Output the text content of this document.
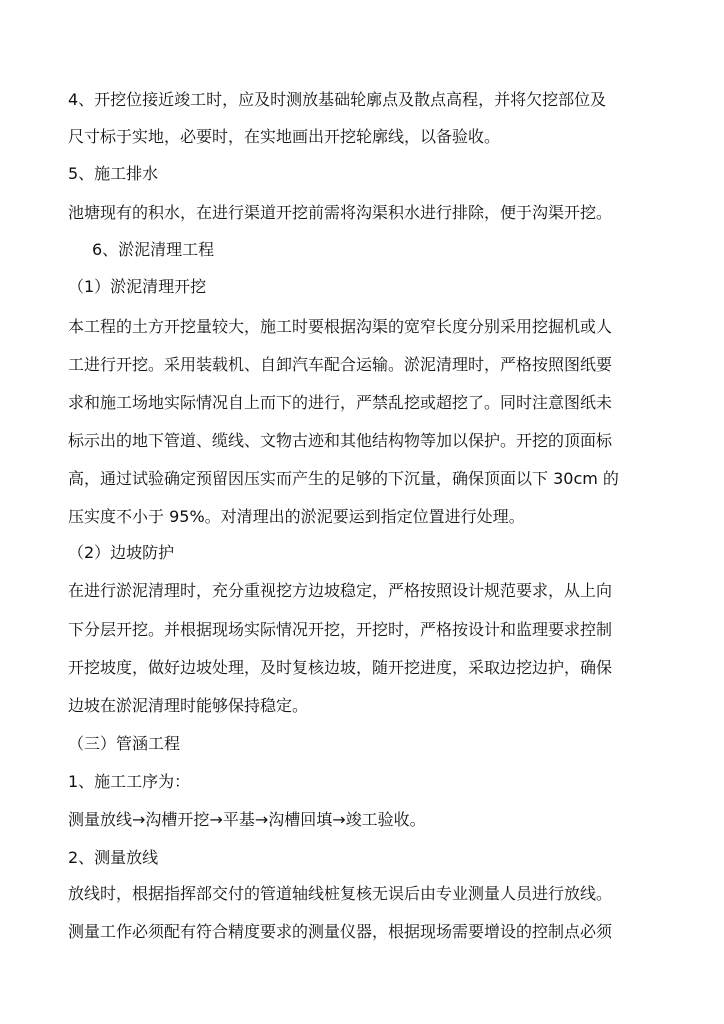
4、开挖位接近竣工时，应及时测放基础轮廓点及散点高程，并将欠挖部位及
尺寸标于实地，必要时，在实地画出开挖轮廓线，以备验收。
5、施工排水
池塘现有的积水，在进行渠道开挖前需将沟渠积水进行排除，便于沟渠开挖。
6、淤泥清理工程
（1）淤泥清理开挖
本工程的土方开挖量较大，施工时要根据沟渠的宽窄长度分别采用挖掘机或人
工进行开挖。采用装载机、自卸汽车配合运输。淤泥清理时，严格按照图纸要
求和施工场地实际情况自上而下的进行，严禁乱挖或超挖了。同时注意图纸未
标示出的地下管道、缆线、文物古迹和其他结构物等加以保护。开挖的顶面标
高，通过试验确定预留因压实而产生的足够的下沉量，确保顶面以下 30cm 的
压实度不小于 95%。对清理出的淤泥要运到指定位置进行处理。
（2）边坡防护
在进行淤泥清理时，充分重视挖方边坡稳定，严格按照设计规范要求，从上向
下分层开挖。并根据现场实际情况开挖，开挖时，严格按设计和监理要求控制
开挖坡度，做好边坡处理，及时复核边坡，随开挖进度，采取边挖边护，确保
边坡在淤泥清理时能够保持稳定。
（三）管涵工程
1、施工工序为：
测量放线→沟槽开挖→平基→沟槽回填→竣工验收。
2、测量放线
放线时，根据指挥部交付的管道轴线桩复核无误后由专业测量人员进行放线。
测量工作必须配有符合精度要求的测量仪器，根据现场需要增设的控制点必须
